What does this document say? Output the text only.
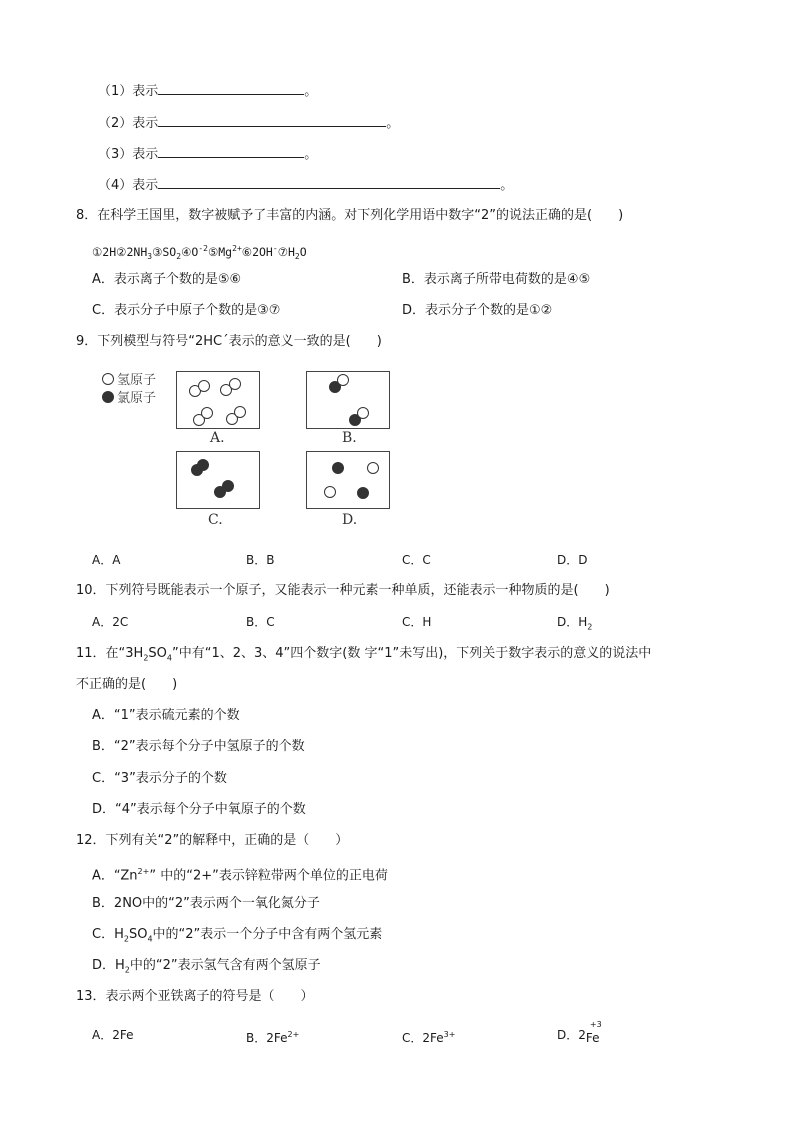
（1）表示	。
（2）表示	。
（3）表示	。
（4）表示	。
8．在科学王国里，数字被赋予了丰富的内涵。对下列化学用语中数字“2”的说法正确的是(　　)
$①2H②2NH_3③SO_2④O^{-2}⑤Mg^{2+}⑥2OH^-⑦H_2O$
A．表示离子个数的是⑤⑥	B．表示离子所带电荷数的是④⑤
C．表示分子中原子个数的是③⑦	D．表示分子个数的是①②
9．下列模型与符号“2HCˊ表示的意义一致的是(　　)
氢原子
氯原子
A.	B.
C.	D.
A．A	B．B	C．C	D．D
10．下列符号既能表示一个原子，又能表示一种元素一种单质，还能表示一种物质的是(　　)
A．2C	B．C	C．H	D．$H_2$
11．在“$3H_2SO_4$”中有“1、2、3、4”四个数字(数 字“1”未写出)，下列关于数字表示的意义的说法中
不正确的是(　　)
A．“1”表示硫元素的个数
B．“2”表示每个分子中氢原子的个数
C．“3”表示分子的个数
D．“4”表示每个分子中氧原子的个数
12．下列有关“2”的解释中，正确的是（　　）
A．“$Zn^{2+}$” 中的“2+”表示锌粒带两个单位的正电荷
B．2NO中的“2”表示两个一氧化氮分子
C．$H_2SO_4$中的“2”表示一个分子中含有两个氢元素
D．$H_2$中的“2”表示氢气含有两个氢原子
13．表示两个亚铁离子的符号是（　　）
A．2Fe	B．$2Fe^{2+}$	C．$2Fe^{3+}$	D．2
+3
Fe
